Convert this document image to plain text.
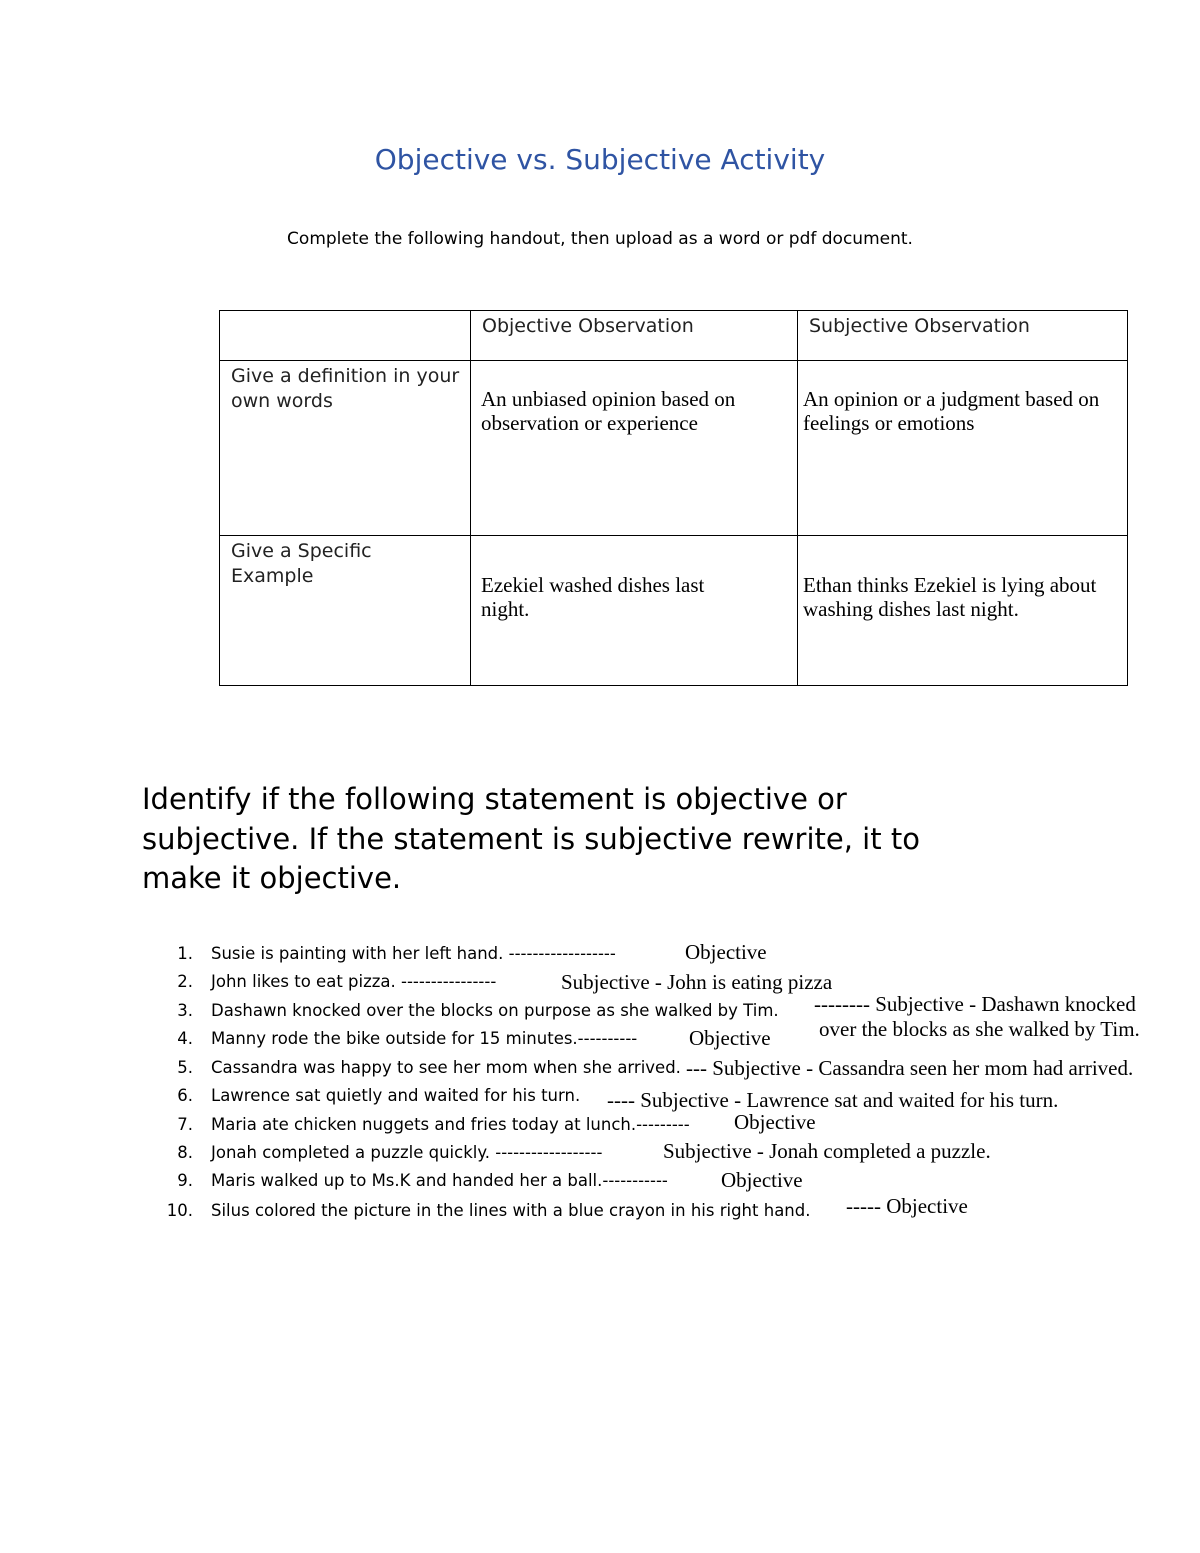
Objective vs. Subjective Activity
Complete the following handout, then upload as a word or pdf document.

	Objective Observation	Subjective Observation

Give a definition in your own words	An unbiased opinion based on observation or experience	An opinion or a judgment based on feelings or emotions

Give a Specific Example	Ezekiel washed dishes last night.	Ethan thinks Ezekiel is lying about washing dishes last night.
Identify if the following statement is objective or
subjective. If the statement is subjective rewrite, it to
make it objective.
1. Susie is painting with her left hand. ------------------	Objective
2. John likes to eat pizza. ----------------	Subjective - John is eating pizza
3. Dashawn knocked over the blocks on purpose as she walked by Tim. -------- Subjective - Dashawn knocked
over the blocks as she walked by Tim.
4. Manny rode the bike outside for 15 minutes.---------- Objective
5. Cassandra was happy to see her mom when she arrived. --- Subjective - Cassandra seen her mom had arrived.
6. Lawrence sat quietly and waited for his turn. ---- Subjective - Lawrence sat and waited for his turn.
7. Maria ate chicken nuggets and fries today at lunch.--------- Objective
8. Jonah completed a puzzle quickly. ------------------	Subjective - Jonah completed a puzzle.
9. Maris walked up to Ms.K and handed her a ball.-----------	Objective
10. Silus colored the picture in the lines with a blue crayon in his right hand. ----- Objective
